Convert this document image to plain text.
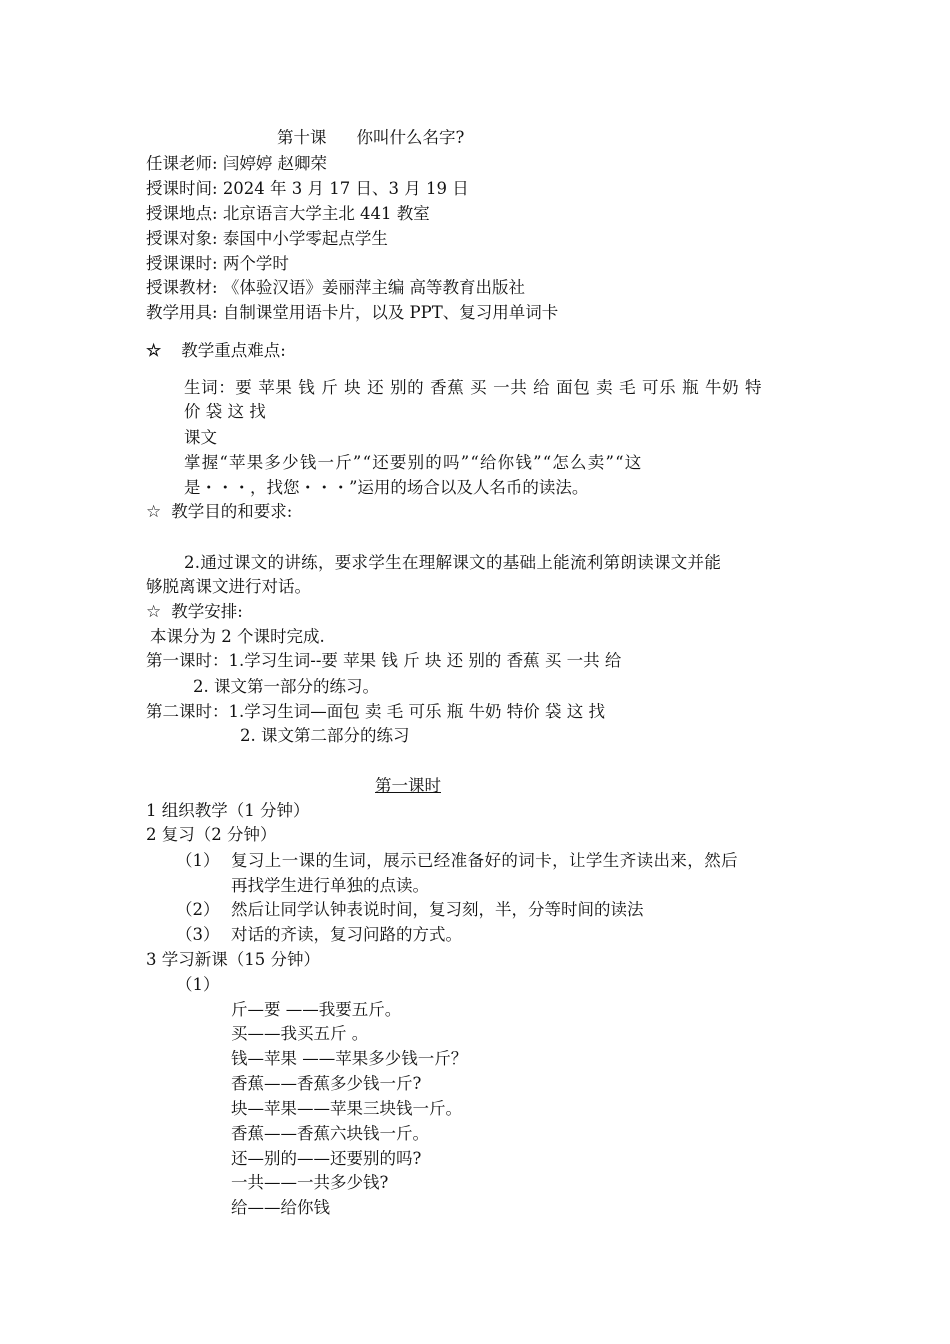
第十课 你叫什么名字?
任课老师: 闫婷婷 赵卿荣
授课时间: 2024 年 3 月 17 日、3 月 19 日
授课地点: 北京语言大学主北 441 教室
授课对象: 泰国中小学零起点学生
授课课时: 两个学时
授课教材: 《体验汉语》姜丽萍主编 高等教育出版社
教学用具: 自制课堂用语卡片，以及 PPT、复习用单词卡
☆ 教学重点难点:
生词：要 苹果 钱 斤 块 还 别的 香蕉 买 一共 给 面包 卖 毛 可乐 瓶 牛奶 特
价 袋 这 找
课文
掌握“苹果多少钱一斤”“还要别的吗”“给你钱”“怎么卖”“这
是・・・，找您・・・”运用的场合以及人名币的读法。
☆ 教学目的和要求:
2.通过课文的讲练，要求学生在理解课文的基础上能流利第朗读课文并能
够脱离课文进行对话。
☆ 教学安排:
本课分为 2 个课时完成.
第一课时：1.学习生词--要 苹果 钱 斤 块 还 别的 香蕉 买 一共 给
2. 课文第一部分的练习。
第二课时：1.学习生词—面包 卖 毛 可乐 瓶 牛奶 特价 袋 这 找
2. 课文第二部分的练习
第一课时
1 组织教学（1 分钟）
2 复习（2 分钟）
（1） 复习上一课的生词，展示已经准备好的词卡，让学生齐读出来，然后
再找学生进行单独的点读。
（2） 然后让同学认钟表说时间，复习刻，半，分等时间的读法
（3） 对话的齐读，复习问路的方式。
3 学习新课（15 分钟）
（1）
斤—要 ——我要五斤。
买——我买五斤 。
钱—苹果 ——苹果多少钱一斤？
香蕉——香蕉多少钱一斤?
块—苹果——苹果三块钱一斤。
香蕉——香蕉六块钱一斤。
还—别的——还要别的吗?
一共——一共多少钱?
给——给你钱
